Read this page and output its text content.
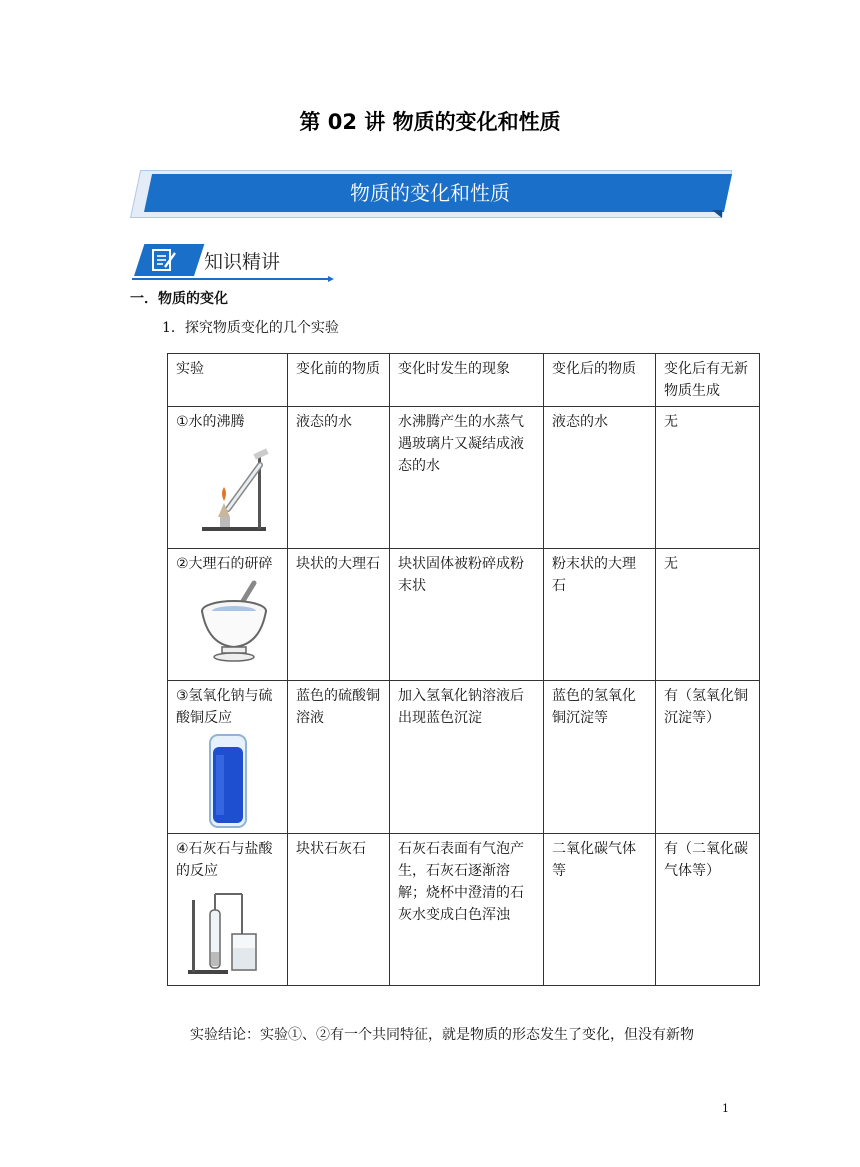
第 02 讲 物质的变化和性质
物质的变化和性质
知识精讲
一．物质的变化
1．探究物质变化的几个实验
实验	变化前的物质	变化时发生的现象	变化后的物质	变化后有无新物质生成

①水的沸腾	液态的水	水沸腾产生的水蒸气遇玻璃片又凝结成液态的水	液态的水	无

②大理石的研碎	块状的大理石	块状固体被粉碎成粉末状	粉末状的大理石	无

③氢氧化钠与硫酸铜反应	蓝色的硫酸铜溶液	加入氢氧化钠溶液后出现蓝色沉淀	蓝色的氢氧化铜沉淀等	有（氢氧化铜沉淀等）

④石灰石与盐酸的反应	块状石灰石	石灰石表面有气泡产生，石灰石逐渐溶解；烧杯中澄清的石灰水变成白色浑浊	二氧化碳气体等	有（二氧化碳气体等）
实验结论：实验①、②有一个共同特征，就是物质的形态发生了变化，但没有新物
1
